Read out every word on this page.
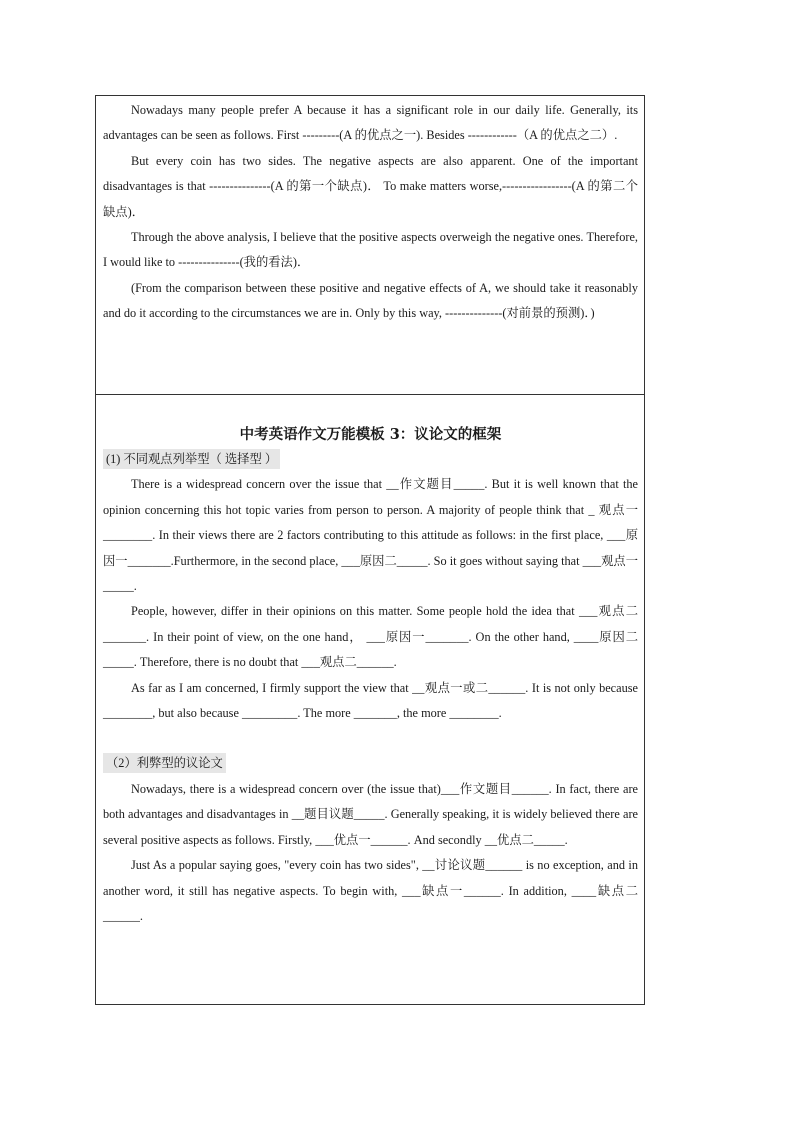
Nowadays many people prefer A because it has a significant role in our daily life. Generally, its advantages can be seen as follows. First ---------(A 的优点之一). Besides ------------（A 的优点之二）.

But every coin has two sides. The negative aspects are also apparent. One of the important disadvantages is that ---------------(A 的第一个缺点)． To make matters worse,-----------------(A 的第二个缺点)．

Through the above analysis, I believe that the positive aspects overweigh the negative ones. Therefore, I would like to ---------------(我的看法)．

(From the comparison between these positive and negative effects of A, we should take it reasonably and do it according to the circumstances we are in. Only by this way, --------------(对前景的预测)．)

中考英语作文万能模板 3：议论文的框架

(1) 不同观点列举型（ 选择型 ）

There is a widespread concern over the issue that __作文题目_____. But it is well known that the opinion concerning this hot topic varies from person to person. A majority of people think that _ 观点一________. In their views there are 2 factors contributing to this attitude as follows: in the first place, ___原因一_______.Furthermore, in the second place, ___原因二_____. So it goes without saying that ___观点一_____.

People, however, differ in their opinions on this matter. Some people hold the idea that ___观点二_______. In their point of view, on the one hand， ___原因一_______. On the other hand, ____原因二_____. Therefore, there is no doubt that ___观点二______.

As far as I am concerned, I firmly support the view that __观点一或二______. It is not only because ________, but also because _________. The more _______, the more ________.

（2）利弊型的议论文

Nowadays, there is a widespread concern over (the issue that)___作文题目______. In fact, there are both advantages and disadvantages in __题目议题_____. Generally speaking, it is widely believed there are several positive aspects as follows. Firstly, ___优点一______. And secondly __优点二_____.

Just As a popular saying goes, "every coin has two sides", __讨论议题______ is no exception, and in another word, it still has negative aspects. To begin with, ___缺点一______. In addition, ____缺点二______.
